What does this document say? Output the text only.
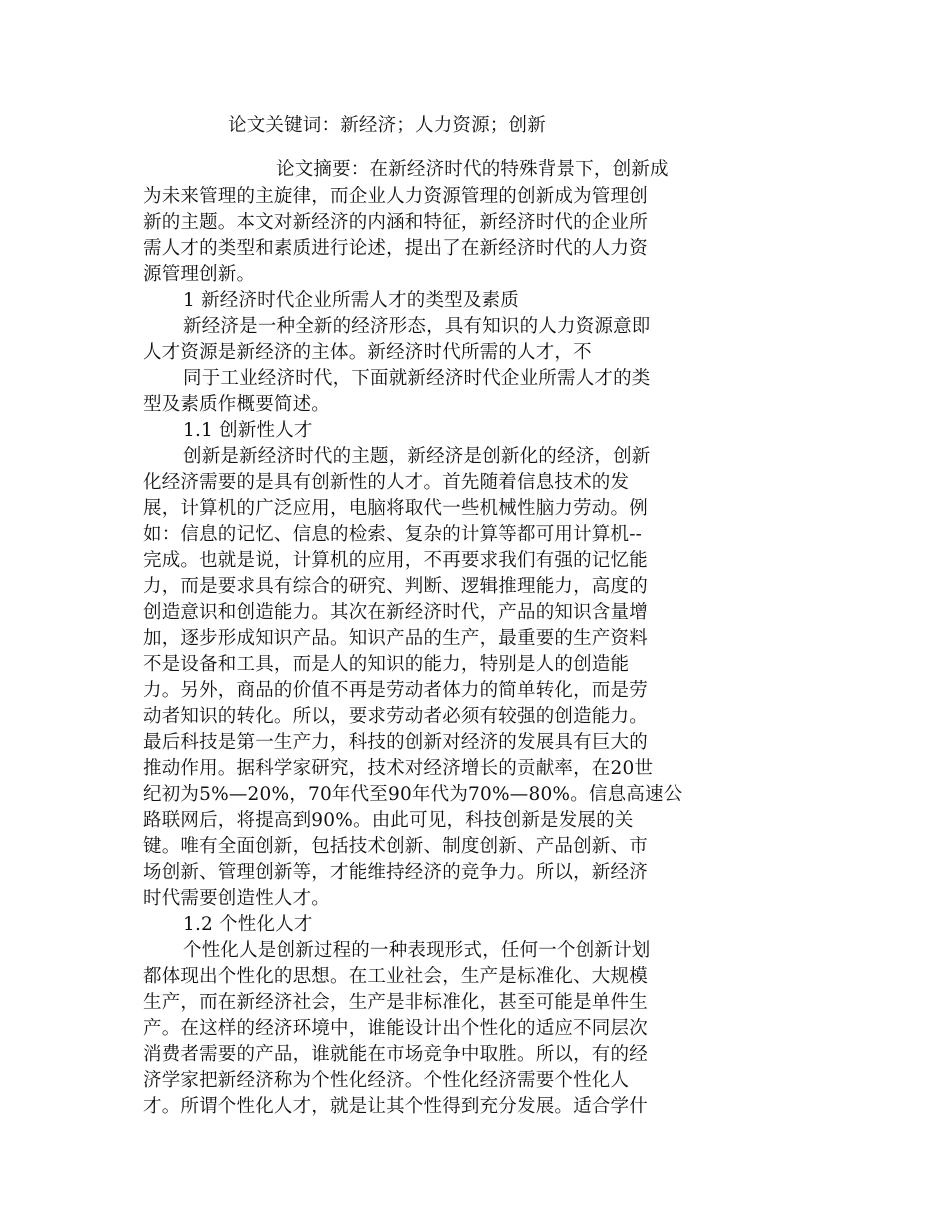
论文关键词：新经济；人力资源；创新
论文摘要：在新经济时代的特殊背景下，创新成
为未来管理的主旋律，而企业人力资源管理的创新成为管理创
新的主题。本文对新经济的内涵和特征，新经济时代的企业所
需人才的类型和素质进行论述，提出了在新经济时代的人力资
源管理创新。
1 新经济时代企业所需人才的类型及素质
新经济是一种全新的经济形态，具有知识的人力资源意即
人才资源是新经济的主体。新经济时代所需的人才，不
同于工业经济时代，下面就新经济时代企业所需人才的类
型及素质作概要简述。
1.1 创新性人才
创新是新经济时代的主题，新经济是创新化的经济，创新
化经济需要的是具有创新性的人才。首先随着信息技术的发
展，计算机的广泛应用，电脑将取代一些机械性脑力劳动。例
如：信息的记忆、信息的检索、复杂的计算等都可用计算机--
完成。也就是说，计算机的应用，不再要求我们有强的记忆能
力，而是要求具有综合的研究、判断、逻辑推理能力，高度的
创造意识和创造能力。其次在新经济时代，产品的知识含量增
加，逐步形成知识产品。知识产品的生产，最重要的生产资料
不是设备和工具，而是人的知识的能力，特别是人的创造能
力。另外，商品的价值不再是劳动者体力的简单转化，而是劳
动者知识的转化。所以，要求劳动者必须有较强的创造能力。
最后科技是第一生产力，科技的创新对经济的发展具有巨大的
推动作用。据科学家研究，技术对经济增长的贡献率，在20世
纪初为5%—20%，70年代至90年代为70%—80%。信息高速公
路联网后，将提高到90%。由此可见，科技创新是发展的关
键。唯有全面创新，包括技术创新、制度创新、产品创新、市
场创新、管理创新等，才能维持经济的竞争力。所以，新经济
时代需要创造性人才。
1.2 个性化人才
个性化人是创新过程的一种表现形式，任何一个创新计划
都体现出个性化的思想。在工业社会，生产是标准化、大规模
生产，而在新经济社会，生产是非标准化，甚至可能是单件生
产。在这样的经济环境中，谁能设计出个性化的适应不同层次
消费者需要的产品，谁就能在市场竞争中取胜。所以，有的经
济学家把新经济称为个性化经济。个性化经济需要个性化人
才。所谓个性化人才，就是让其个性得到充分发展。适合学什
